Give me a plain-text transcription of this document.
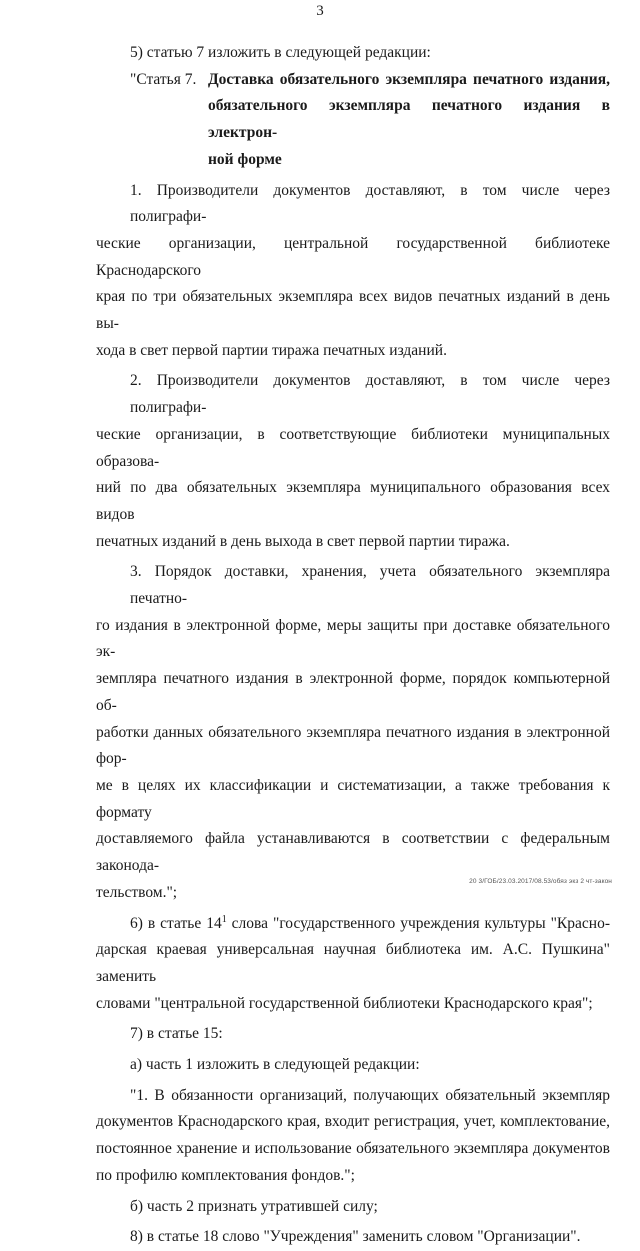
3
5) статью 7 изложить в следующей редакции:
"Статья 7. Доставка обязательного экземпляра печатного издания,
обязательного экземпляра печатного издания в электрон-
ной форме
1. Производители документов доставляют, в том числе через полиграфи-
ческие организации, центральной государственной библиотеке Краснодарского
края по три обязательных экземпляра всех видов печатных изданий в день вы-
хода в свет первой партии тиража печатных изданий.
2. Производители документов доставляют, в том числе через полиграфи-
ческие организации, в соответствующие библиотеки муниципальных образова-
ний по два обязательных экземпляра муниципального образования всех видов
печатных изданий в день выхода в свет первой партии тиража.
3. Порядок доставки, хранения, учета обязательного экземпляра печатно-
го издания в электронной форме, меры защиты при доставке обязательного эк-
земпляра печатного издания в электронной форме, порядок компьютерной об-
работки данных обязательного экземпляра печатного издания в электронной фор-
ме в целях их классификации и систематизации, а также требования к формату
доставляемого файла устанавливаются в соответствии с федеральным законода-
тельством.";
6) в статье $14^1$ слова "государственного учреждения культуры "Красно-
дарская краевая универсальная научная библиотека им. А.С. Пушкина" заменить
словами "центральной государственной библиотеки Краснодарского края";
7) в статье 15:
а) часть 1 изложить в следующей редакции:
"1. В обязанности организаций, получающих обязательный экземпляр
документов Краснодарского края, входит регистрация, учет, комплектование,
постоянное хранение и использование обязательного экземпляра документов
по профилю комплектования фондов.";
б) часть 2 признать утратившей силу;
8) в статье 18 слово "Учреждения" заменить словом "Организации".
20 3/ГОБ/23.03.2017/08.53/обяз экз 2 чт-закон
